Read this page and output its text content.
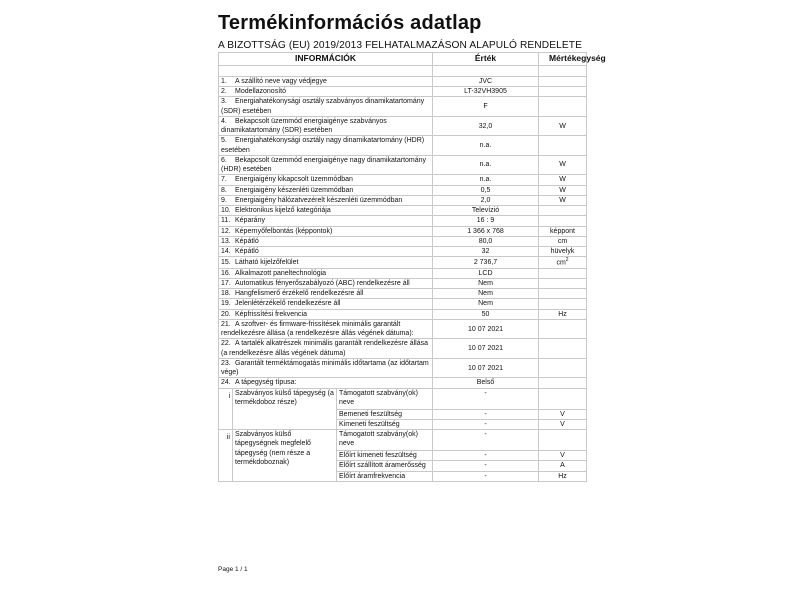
Termékinformációs adatlap
A BIZOTTSÁG (EU) 2019/2013 FELHATALMAZÁSON ALAPULÓ RENDELETE
INFORMÁCIÓK			Érték	Mértékegység

1. A szállító neve vagy védjegye			JVC	
2. Modellazonosító			LT-32VH3905	
3. Energiahatékonysági osztály szabványos dinamikatartomány (SDR) esetében			F	
4. Bekapcsolt üzemmód energiaigénye szabványos dinamikatartomány (SDR) esetében			32,0	W
5. Energiahatékonysági osztály nagy dinamikatartomány (HDR) esetében			n.a.	
6. Bekapcsolt üzemmód energiaigénye nagy dinamikatartomány (HDR) esetében			n.a.	W
7. Energiaigény kikapcsolt üzemmódban			n.a.	W
8. Energiaigény készenléti üzemmódban			0,5	W
9. Energiaigény hálózatvezérelt készenléti üzemmódban			2,0	W
10. Elektronikus kijelző kategóriája			Televízió	
11. Képarány			16 : 9	
12. Képernyőfelbontás (képpontok)			1 366 x 768	képpont
13. Képátló			80,0	cm
14. Képátló			32	hüvelyk
15. Látható kijelzőfelület			2 736,7	$cm^2$
16. Alkalmazott paneltechnológia			LCD	
17. Automatikus fényerőszabályozó (ABC) rendelkezésre áll			Nem	
18. Hangfelismerő érzékelő rendelkezésre áll			Nem	
19. Jelenlétérzékelő rendelkezésre áll			Nem	
20. Képfrissítési frekvencia			50	Hz
21. A szoftver- és firmware-frissítések minimális garantált rendelkezésre állása (a rendelkezésre állás végének dátuma):			10 07 2021	
22. A tartalék alkatrészek minimális garantált rendelkezésre állása (a rendelkezésre állás végének dátuma)			10 07 2021	
23. Garantált terméktámogatás minimális időtartama (az időtartam vége)			10 07 2021	
24. A tápegység típusa:			Belső	
i	Szabványos külső tápegység (a termékdoboz része)	Támogatott szabvány(ok) neve	-	
		Bemeneti feszültség	-	V
		Kimeneti feszültség	-	V
ii	Szabványos külső tápegységnek megfelelő tápegység (nem része a termékdoboznak)	Támogatott szabvány(ok) neve	-	
		Előírt kimeneti feszültség	-	V
		Előírt szállított áramerősség	-	A
		Előírt áramfrekvencia	-	Hz
Page 1 / 1
